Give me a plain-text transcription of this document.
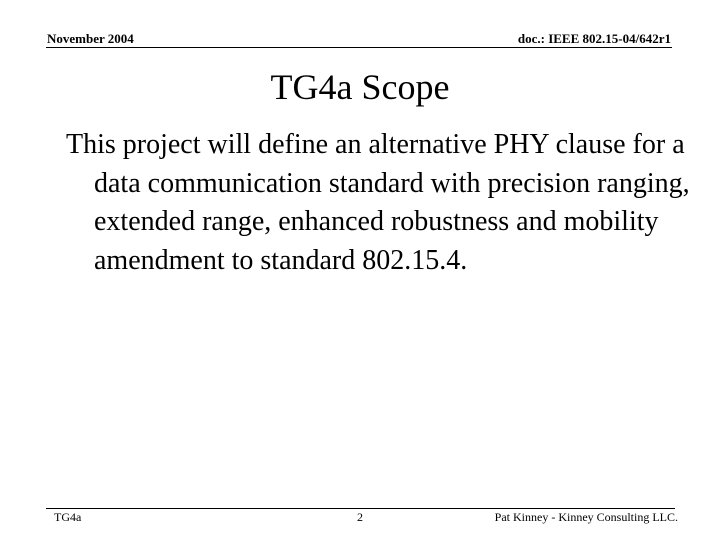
November 2004	doc.: IEEE 802.15-04/642r1
TG4a Scope
This project will define an alternative PHY clause for a data communication standard with precision ranging, extended range, enhanced robustness and mobility amendment to standard 802.15.4.
TG4a	2	Pat Kinney - Kinney Consulting LLC.
